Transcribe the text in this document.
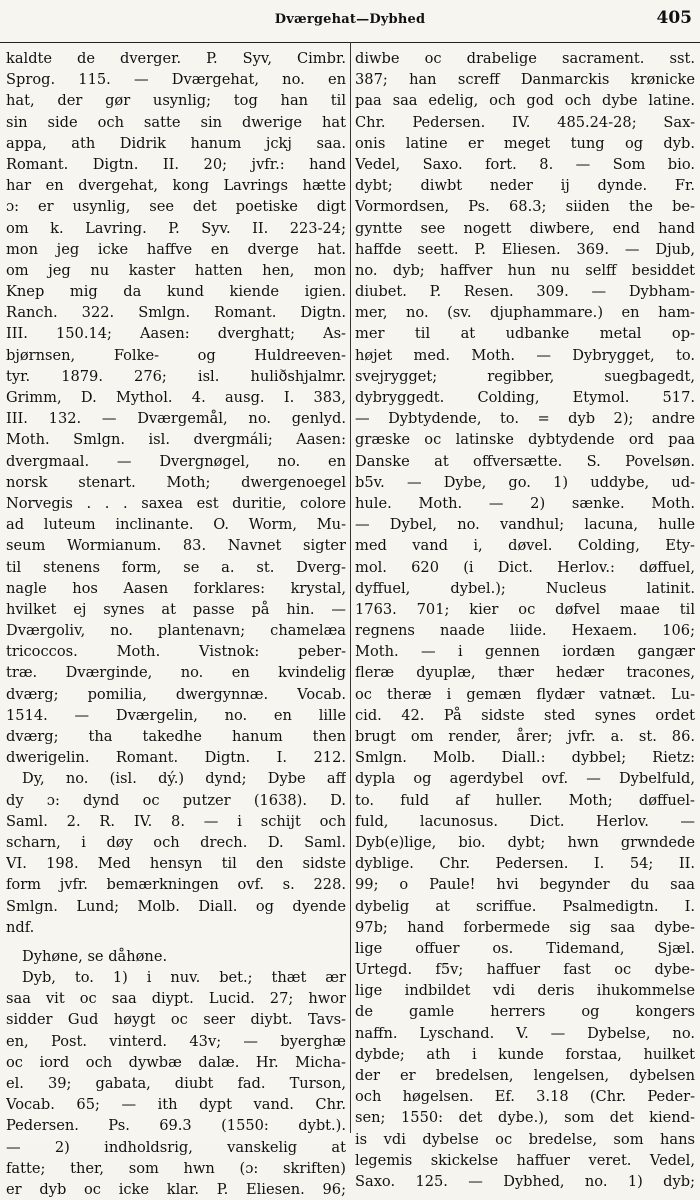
Dværgehat—Dybhed	405
kaldte de dverger. P. Syv, Cimbr.
Sprog. 115. — Dværgehat, no. en
hat, der gør usynlig; tog han til
sin side och satte sin dwerige hat
appa, ath Didrik hanum jckj saa.
Romant. Digtn. II. 20; jvfr.: hand
har en dvergehat, kong Lavrings hætte
ɔ: er usynlig, see det poetiske digt
om k. Lavring. P. Syv. II. 223-24;
mon jeg icke haffve en dverge hat.
om jeg nu kaster hatten hen, mon
Knep mig da kund kiende igien.
Ranch. 322. Smlgn. Romant. Digtn.
III. 150.14; Aasen: dverghatt; As-
bjørnsen, Folke- og Huldreeven-
tyr. 1879. 276; isl. huliðshjalmr.
Grimm, D. Mythol. 4. ausg. I. 383,
III. 132. — Dværgemål, no. genlyd.
Moth. Smlgn. isl. dvergmáli; Aasen:
dvergmaal. — Dvergnøgel, no. en
norsk stenart. Moth; dwergenoegel
Norvegis . . . saxea est duritie, colore
ad luteum inclinante. O. Worm, Mu-
seum Wormianum. 83. Navnet sigter
til stenens form, se a. st. Dverg-
nagle hos Aasen forklares: krystal,
hvilket ej synes at passe på hin. —
Dværgoliv, no. plantenavn; chamelæa
tricoccos. Moth. Vistnok: peber-
træ. Dværginde, no. en kvindelig
dværg; pomilia, dwergynnæ. Vocab.
1514. — Dværgelin, no. en lille
dværg; tha takedhe hanum then
dwerigelin. Romant. Digtn. I. 212.
Dy, no. (isl. dý.) dynd; Dybe aff
dy ɔ: dynd oc putzer (1638). D.
Saml. 2. R. IV. 8. — i schijt och
scharn, i døy och drech. D. Saml.
VI. 198. Med hensyn til den sidste
form jvfr. bemærkningen ovf. s. 228.
Smlgn. Lund; Molb. Diall. og dyende
ndf.
Dyhøne, se dåhøne.
Dyb, to. 1) i nuv. bet.; thæt ær
saa vit oc saa diypt. Lucid. 27; hwor
sidder Gud høygt oc seer diybt. Tavs-
en, Post. vinterd. 43v; — byerghæ
oc iord och dywbæ dalæ. Hr. Micha-
el. 39; gabata, diubt fad. Turson,
Vocab. 65; — ith dypt vand. Chr.
Pedersen. Ps. 69.3 (1550: dybt.).
— 2) indholdsrig, vanskelig at
fatte; ther, som hwn (ɔ: skriften)
er dyb oc icke klar. P. Eliesen. 96;
diwbe oc drabelige sacrament. sst.
387; han screff Danmarckis krønicke
paa saa edelig, och god och dybe latine.
Chr. Pedersen. IV. 485.24-28; Sax-
onis latine er meget tung og dyb.
Vedel, Saxo. fort. 8. — Som bio.
dybt; diwbt neder ij dynde. Fr.
Vormordsen, Ps. 68.3; siiden the be-
gyntte see nogett diwbere, end hand
haffde seett. P. Eliesen. 369. — Djub,
no. dyb; haffver hun nu selff besiddet
diubet. P. Resen. 309. — Dybham-
mer, no. (sv. djuphammare.) en ham-
mer til at udbanke metal op-
højet med. Moth. — Dybrygget, to.
svejrygget; regibber, suegbagedt,
dybryggedt. Colding, Etymol. 517.
— Dybtydende, to. = dyb 2); andre
græske oc latinske dybtydende ord paa
Danske at offversætte. S. Povelsøn.
b5v. — Dybe, go. 1) uddybe, ud-
hule. Moth. — 2) sænke. Moth.
— Dybel, no. vandhul; lacuna, hulle
med vand i, døvel. Colding, Ety-
mol. 620 (i Dict. Herlov.: døffuel,
dyffuel, dybel.); Nucleus latinit.
1763. 701; kier oc døfvel maae til
regnens naade liide. Hexaem. 106;
Moth. — i gennen iordæn gangær
fleræ dyuplæ, thær hedær tracones,
oc theræ i gemæn flydær vatnæt. Lu-
cid. 42. På sidste sted synes ordet
brugt om render, årer; jvfr. a. st. 86.
Smlgn. Molb. Diall.: dybbel; Rietz:
dypla og agerdybel ovf. — Dybelfuld,
to. fuld af huller. Moth; døffuel-
fuld, lacunosus. Dict. Herlov. —
Dyb(e)lige, bio. dybt; hwn grwndede
dyblige. Chr. Pedersen. I. 54; II.
99; o Paule! hvi begynder du saa
dybelig at scriffue. Psalmedigtn. I.
97b; hand forbermede sig saa dybe-
lige offuer os. Tidemand, Sjæl.
Urtegd. f5v; haffuer fast oc dybe-
lige indbildet vdi deris ihukommelse
de gamle herrers og kongers
naffn. Lyschand. V. — Dybelse, no.
dybde; ath i kunde forstaa, huilket
der er bredelsen, lengelsen, dybelsen
och høgelsen. Ef. 3.18 (Chr. Peder-
sen; 1550: det dybe.), som det kiend-
is vdi dybelse oc bredelse, som hans
legemis skickelse haffuer veret. Vedel,
Saxo. 125. — Dybhed, no. 1) dyb;
